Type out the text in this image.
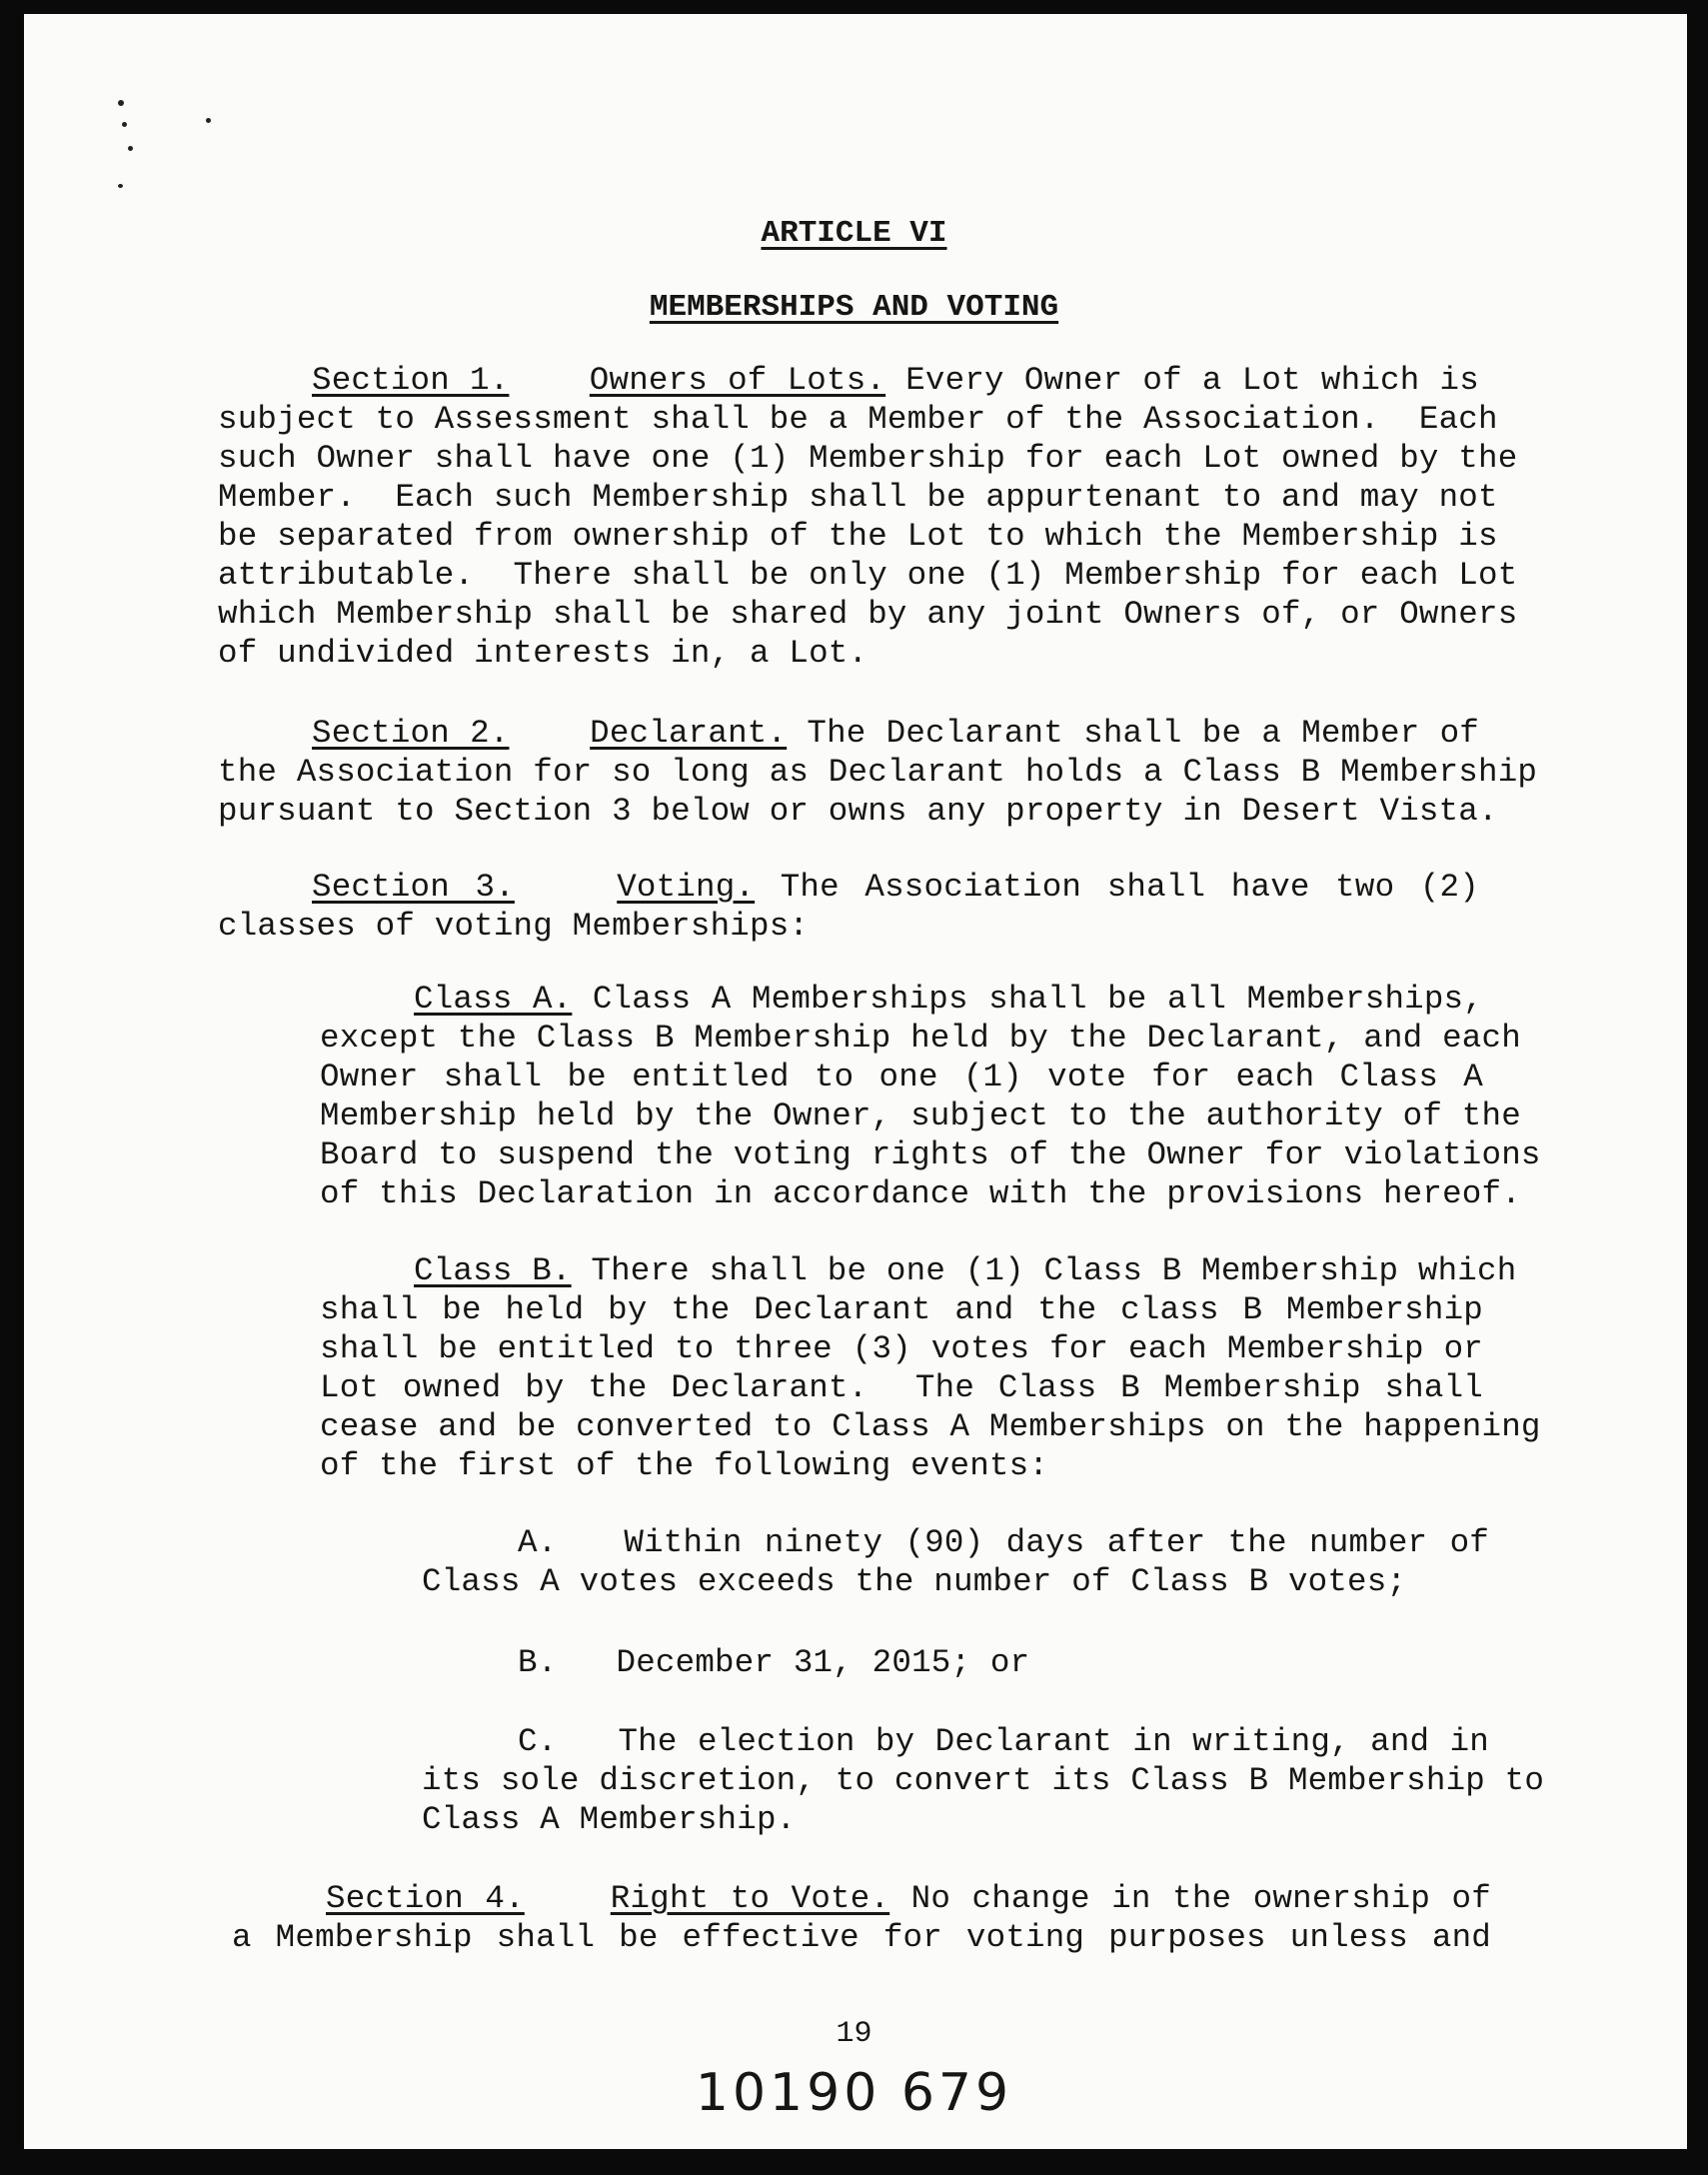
ARTICLE VI
MEMBERSHIPS AND VOTING
Section 1. Owners of Lots. Every Owner of a Lot which is
subject to Assessment shall be a Member of the Association.  Each
such Owner shall have one (1) Membership for each Lot owned by the
Member.  Each such Membership shall be appurtenant to and may not
be separated from ownership of the Lot to which the Membership is
attributable.  There shall be only one (1) Membership for each Lot
which Membership shall be shared by any joint Owners of, or Owners
of undivided interests in, a Lot.
Section 2. Declarant. The Declarant shall be a Member of
the Association for so long as Declarant holds a Class B Membership
pursuant to Section 3 below or owns any property in Desert Vista.
Section 3.	Voting. The Association shall have two (2)
classes of voting Memberships:
Class A. Class A Memberships shall be all Memberships,
except the Class B Membership held by the Declarant, and each
Owner shall be entitled to one (1) vote for each Class A
Membership held by the Owner, subject to the authority of the
Board to suspend the voting rights of the Owner for violations
of this Declaration in accordance with the provisions hereof.
Class B. There shall be one (1) Class B Membership which
shall be held by the Declarant and the class B Membership
shall be entitled to three (3) votes for each Membership or
Lot owned by the Declarant.  The Class B Membership shall
cease and be converted to Class A Memberships on the happening
of the first of the following events:
A.   Within ninety (90) days after the number of
Class A votes exceeds the number of Class B votes;
B.   December 31, 2015; or
C.   The election by Declarant in writing, and in
its sole discretion, to convert its Class B Membership to
Class A Membership.
Section 4.	Right to Vote. No change in the ownership of
a Membership shall be effective for voting purposes unless and
19
10190 679
